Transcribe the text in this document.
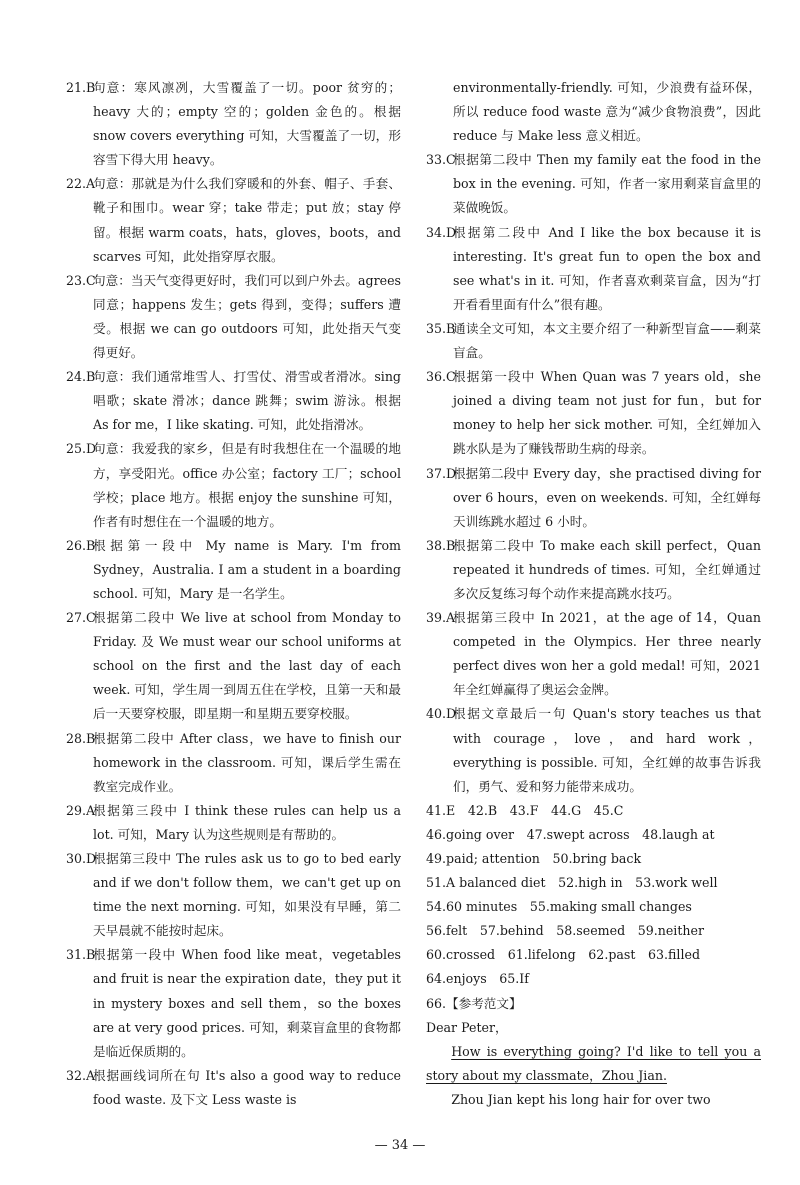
21.B
句意：寒风凛冽，大雪覆盖了一切。poor 贫穷的；heavy 大的；empty 空的；golden 金色的。根据 snow covers everything 可知，大雪覆盖了一切，形容雪下得大用 heavy。
22.A
句意：那就是为什么我们穿暖和的外套、帽子、手套、靴子和围巾。wear 穿；take 带走；put 放；stay 停留。根据 warm coats，hats，gloves，boots，and scarves 可知，此处指穿厚衣服。
23.C
句意：当天气变得更好时，我们可以到户外去。agrees 同意；happens 发生；gets 得到，变得；suffers 遭受。根据 we can go outdoors 可知，此处指天气变得更好。
24.B
句意：我们通常堆雪人、打雪仗、滑雪或者滑冰。sing 唱歌；skate 滑冰；dance 跳舞；swim 游泳。根据 As for me，I like skating. 可知，此处指滑冰。
25.D
句意：我爱我的家乡，但是有时我想住在一个温暖的地方，享受阳光。office 办公室；factory 工厂；school 学校；place 地方。根据 enjoy the sunshine 可知，作者有时想住在一个温暖的地方。
26.B
根据第一段中 My name is Mary. I'm from Sydney，Australia. I am a student in a boarding school. 可知，Mary 是一名学生。
27.C
根据第二段中 We live at school from Monday to Friday. 及 We must wear our school uniforms at school on the first and the last day of each week. 可知，学生周一到周五住在学校，且第一天和最后一天要穿校服，即星期一和星期五要穿校服。
28.B
根据第二段中 After class，we have to finish our homework in the classroom. 可知，课后学生需在教室完成作业。
29.A
根据第三段中 I think these rules can help us a lot. 可知，Mary 认为这些规则是有帮助的。
30.D
根据第三段中 The rules ask us to go to bed early and if we don't follow them，we can't get up on time the next morning. 可知，如果没有早睡，第二天早晨就不能按时起床。
31.B
根据第一段中 When food like meat，vegetables and fruit is near the expiration date，they put it in mystery boxes and sell them，so the boxes are at very good prices. 可知，剩菜盲盒里的食物都是临近保质期的。
32.A
根据画线词所在句 It's also a good way to reduce food waste. 及下文 Less waste is
environmentally-friendly. 可知，少浪费有益环保，所以 reduce food waste 意为“减少食物浪费”，因此 reduce 与 Make less 意义相近。
33.C
根据第二段中 Then my family eat the food in the box in the evening. 可知，作者一家用剩菜盲盒里的菜做晚饭。
34.D
根据第二段中 And I like the box because it is interesting. It's great fun to open the box and see what's in it. 可知，作者喜欢剩菜盲盒，因为“打开看看里面有什么”很有趣。
35.B
通读全文可知，本文主要介绍了一种新型盲盒——剩菜盲盒。
36.C
根据第一段中 When Quan was 7 years old，she joined a diving team not just for fun，but for money to help her sick mother. 可知，全红婵加入跳水队是为了赚钱帮助生病的母亲。
37.D
根据第二段中 Every day，she practised diving for over 6 hours，even on weekends. 可知，全红婵每天训练跳水超过 6 小时。
38.B
根据第二段中 To make each skill perfect，Quan repeated it hundreds of times. 可知，全红婵通过多次反复练习每个动作来提高跳水技巧。
39.A
根据第三段中 In 2021，at the age of 14，Quan competed in the Olympics. Her three nearly perfect dives won her a gold medal! 可知，2021 年全红婵赢得了奥运会金牌。
40.D
根据文章最后一句 Quan's story teaches us that with courage，love，and hard work，everything is possible. 可知，全红婵的故事告诉我们，勇气、爱和努力能带来成功。
41.E　42.B　43.F　44.G　45.C
46.going over　47.swept across　48.laugh at
49.paid; attention　50.bring back
51.A balanced diet　52.high in　53.work well
54.60 minutes　55.making small changes
56.felt　57.behind　58.seemed　59.neither
60.crossed　61.lifelong　62.past　63.filled
64.enjoys　65.If
66.【参考范文】
Dear Peter，
How is everything going? I'd like to tell you a story about my classmate，Zhou Jian.
Zhou Jian kept his long hair for over two
— 34 —
